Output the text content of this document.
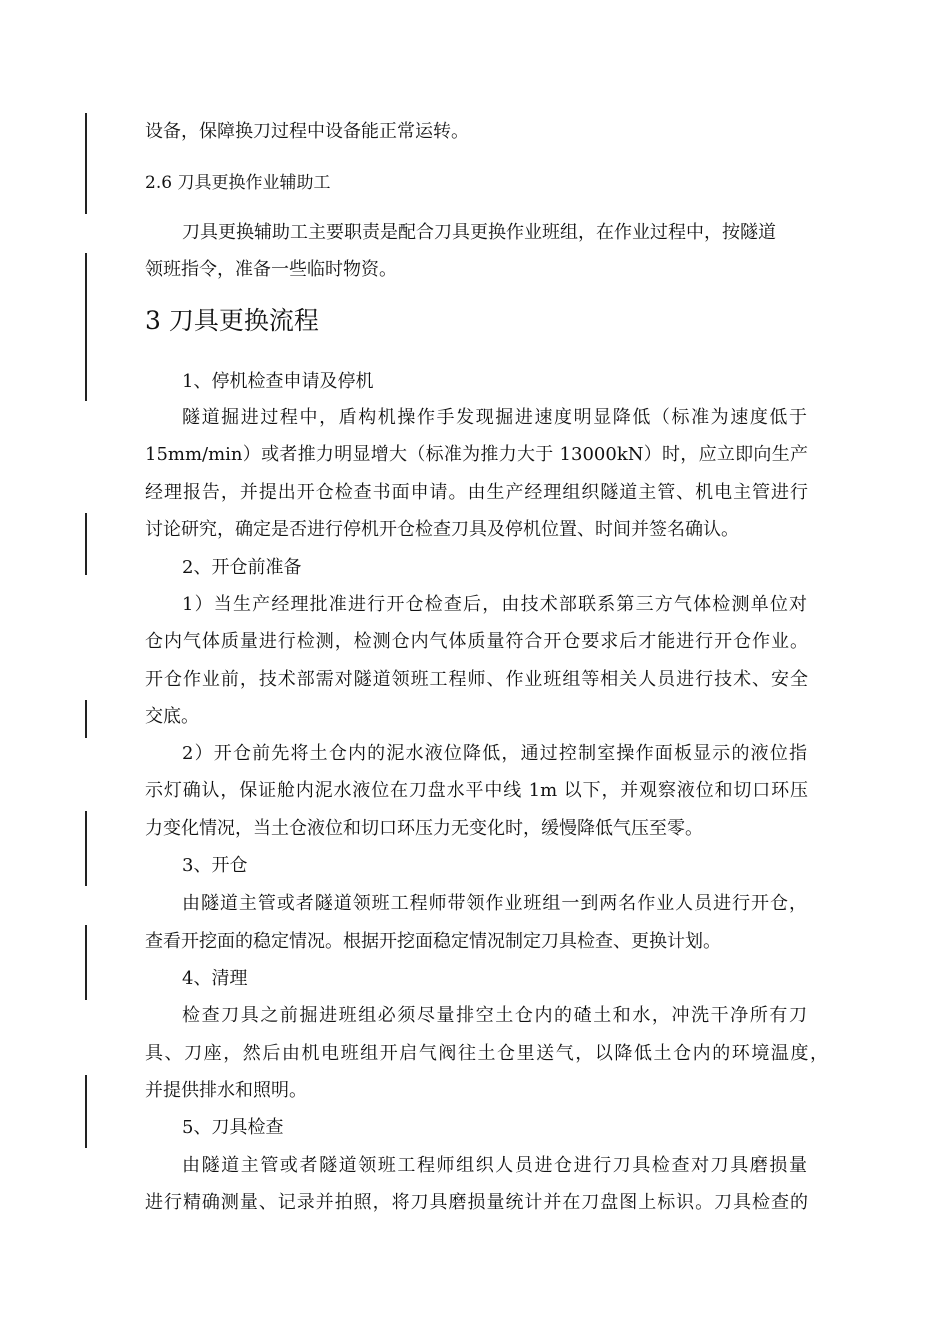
设备，保障换刀过程中设备能正常运转。
2.6 刀具更换作业辅助工
刀具更换辅助工主要职责是配合刀具更换作业班组，在作业过程中，按隧道
领班指令，准备一些临时物资。
3 刀具更换流程
1、停机检查申请及停机
隧道掘进过程中，盾构机操作手发现掘进速度明显降低（标准为速度低于
15mm/min）或者推力明显增大（标准为推力大于 13000kN）时，应立即向生产
经理报告，并提出开仓检查书面申请。由生产经理组织隧道主管、机电主管进行
讨论研究，确定是否进行停机开仓检查刀具及停机位置、时间并签名确认。
2、开仓前准备
1）当生产经理批准进行开仓检查后，由技术部联系第三方气体检测单位对
仓内气体质量进行检测，检测仓内气体质量符合开仓要求后才能进行开仓作业。
开仓作业前，技术部需对隧道领班工程师、作业班组等相关人员进行技术、安全
交底。
2）开仓前先将土仓内的泥水液位降低，通过控制室操作面板显示的液位指
示灯确认，保证舱内泥水液位在刀盘水平中线 1m 以下，并观察液位和切口环压
力变化情况，当土仓液位和切口环压力无变化时，缓慢降低气压至零。
3、开仓
由隧道主管或者隧道领班工程师带领作业班组一到两名作业人员进行开仓，
查看开挖面的稳定情况。根据开挖面稳定情况制定刀具检查、更换计划。
4、清理
检查刀具之前掘进班组必须尽量排空土仓内的碴土和水，冲洗干净所有刀
具、刀座，然后由机电班组开启气阀往土仓里送气，以降低土仓内的环境温度，
并提供排水和照明。
5、刀具检查
由隧道主管或者隧道领班工程师组织人员进仓进行刀具检查对刀具磨损量
进行精确测量、记录并拍照，将刀具磨损量统计并在刀盘图上标识。刀具检查的
